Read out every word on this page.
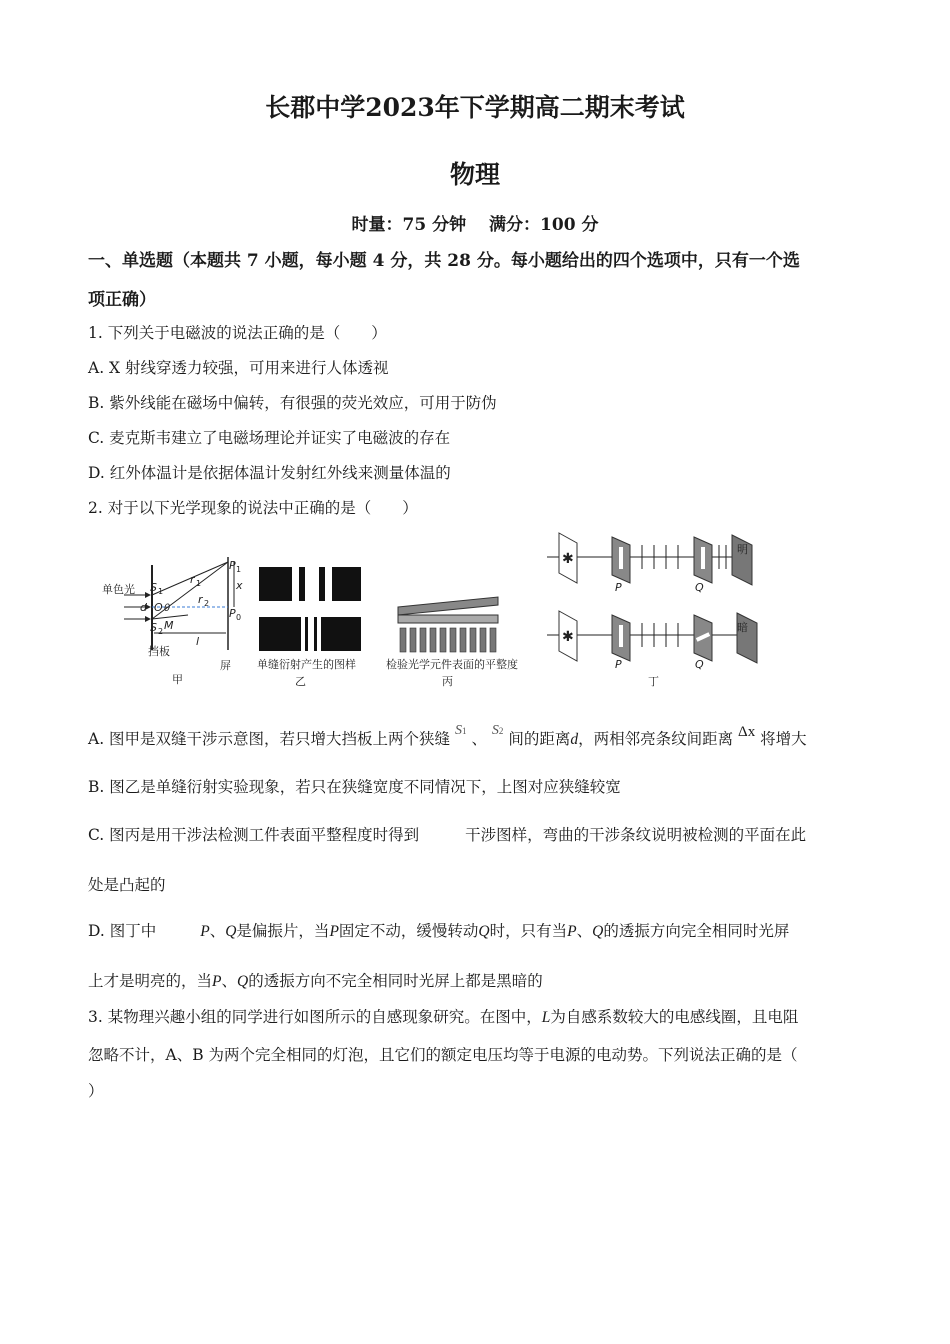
长郡中学2023年下学期高二期末考试
物理
时量：75 分钟　 满分：100 分
一、单选题（本题共 7 小题，每小题 4 分，共 28 分。每小题给出的四个选项中，只有一个选
项正确）
1. 下列关于电磁波的说法正确的是（　　）
A. X 射线穿透力较强，可用来进行人体透视
B. 紫外线能在磁场中偏转，有很强的荧光效应，可用于防伪
C. 麦克斯韦建立了电磁场理论并证实了电磁波的存在
D. 红外体温计是依据体温计发射红外线来测量体温的
2. 对于以下光学现象的说法中正确的是（　　）
单色光 S 1
S 2
d O θ
M
r 1
r 2
P 1
P 0
x
l
挡板
屏
甲
单缝衍射产生的图样
乙
检验光学元件表面的平整度
丙
✱
P	Q
明
✱
P	Q
暗
丁
A. 图甲是双缝干涉示意图，若只增大挡板上两个狭缝 S1 、 S2 间的距离d，两相邻亮条纹间距离 Δx 将增大
B. 图乙是单缝衍射实验现象，若只在狭缝宽度不同情况下，上图对应狭缝较宽
C. 图丙是用干涉法检测工件表面平整程度时得到	干涉图样，弯曲的干涉条纹说明被检测的平面在此
处是凸起的
D. 图丁中	P、Q是偏振片，当P固定不动，缓慢转动Q时，只有当P、Q的透振方向完全相同时光屏
上才是明亮的，当P、Q的透振方向不完全相同时光屏上都是黑暗的
3. 某物理兴趣小组的同学进行如图所示的自感现象研究。在图中，L为自感系数较大的电感线圈，且电阻
忽略不计，A、B 为两个完全相同的灯泡，且它们的额定电压均等于电源的电动势。下列说法正确的是（
）
